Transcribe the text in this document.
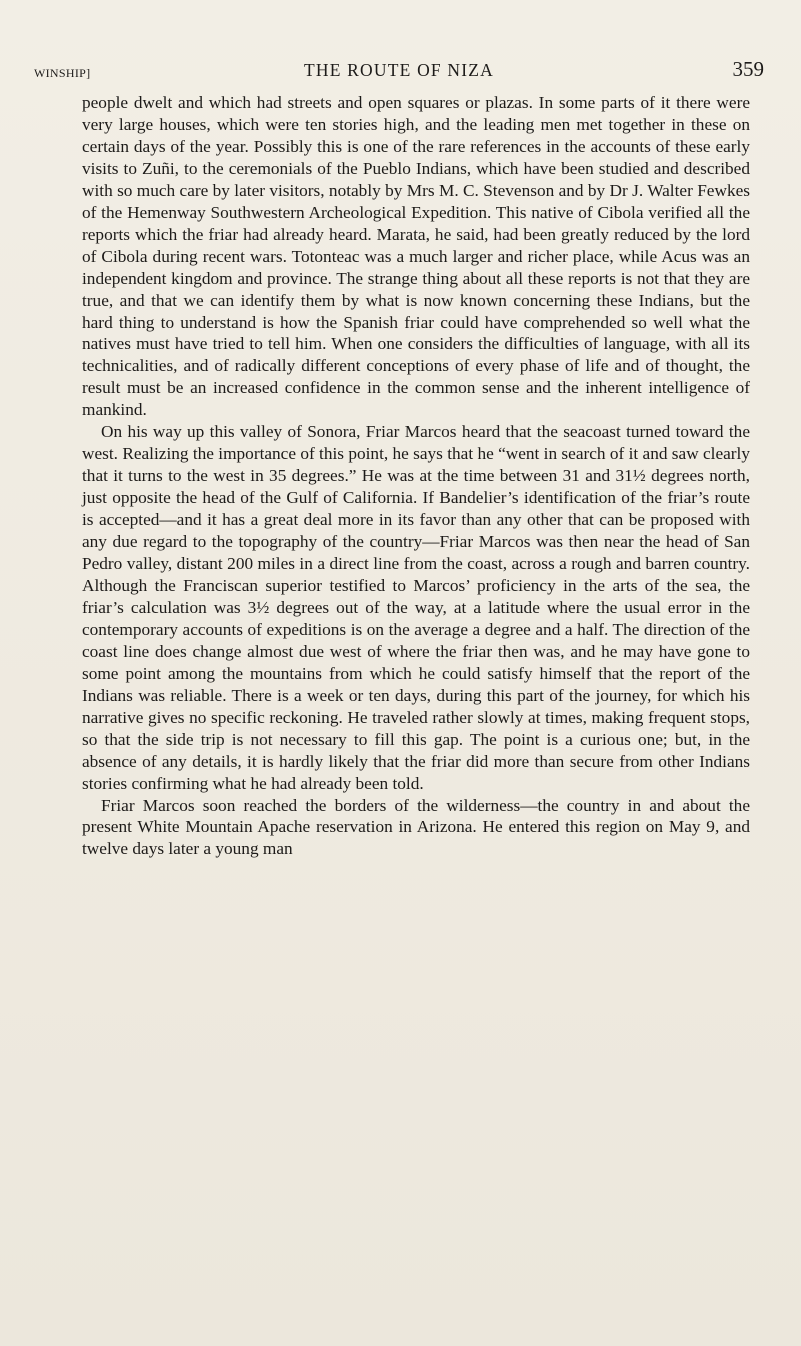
WINSHIP]	THE ROUTE OF NIZA	359

people dwelt and which had streets and open squares or plazas. In some parts of it there were very large houses, which were ten stories high, and the leading men met together in these on certain days of the year. Possibly this is one of the rare references in the accounts of these early visits to Zuñi, to the ceremonials of the Pueblo Indians, which have been studied and described with so much care by later visitors, notably by Mrs M. C. Stevenson and by Dr J. Walter Fewkes of the Hemenway Southwestern Archeological Expedition. This native of Cibola verified all the reports which the friar had already heard. Marata, he said, had been greatly reduced by the lord of Cibola during recent wars. Totonteac was a much larger and richer place, while Acus was an independent kingdom and province. The strange thing about all these reports is not that they are true, and that we can identify them by what is now known concerning these Indians, but the hard thing to understand is how the Spanish friar could have comprehended so well what the natives must have tried to tell him. When one considers the difficulties of language, with all its technicalities, and of radically different conceptions of every phase of life and of thought, the result must be an increased confidence in the common sense and the inherent intelligence of mankind.

On his way up this valley of Sonora, Friar Marcos heard that the seacoast turned toward the west. Realizing the importance of this point, he says that he “went in search of it and saw clearly that it turns to the west in 35 degrees.” He was at the time between 31 and 31½ degrees north, just opposite the head of the Gulf of California. If Bandelier’s identification of the friar’s route is accepted—and it has a great deal more in its favor than any other that can be proposed with any due regard to the topography of the country—Friar Marcos was then near the head of San Pedro valley, distant 200 miles in a direct line from the coast, across a rough and barren country. Although the Franciscan superior testified to Marcos’ proficiency in the arts of the sea, the friar’s calculation was 3½ degrees out of the way, at a latitude where the usual error in the contemporary accounts of expeditions is on the average a degree and a half. The direction of the coast line does change almost due west of where the friar then was, and he may have gone to some point among the mountains from which he could satisfy himself that the report of the Indians was reliable. There is a week or ten days, during this part of the journey, for which his narrative gives no specific reckoning. He traveled rather slowly at times, making frequent stops, so that the side trip is not necessary to fill this gap. The point is a curious one; but, in the absence of any details, it is hardly likely that the friar did more than secure from other Indians stories confirming what he had already been told.

Friar Marcos soon reached the borders of the wilderness—the country in and about the present White Mountain Apache reservation in Arizona. He entered this region on May 9, and twelve days later a young man
